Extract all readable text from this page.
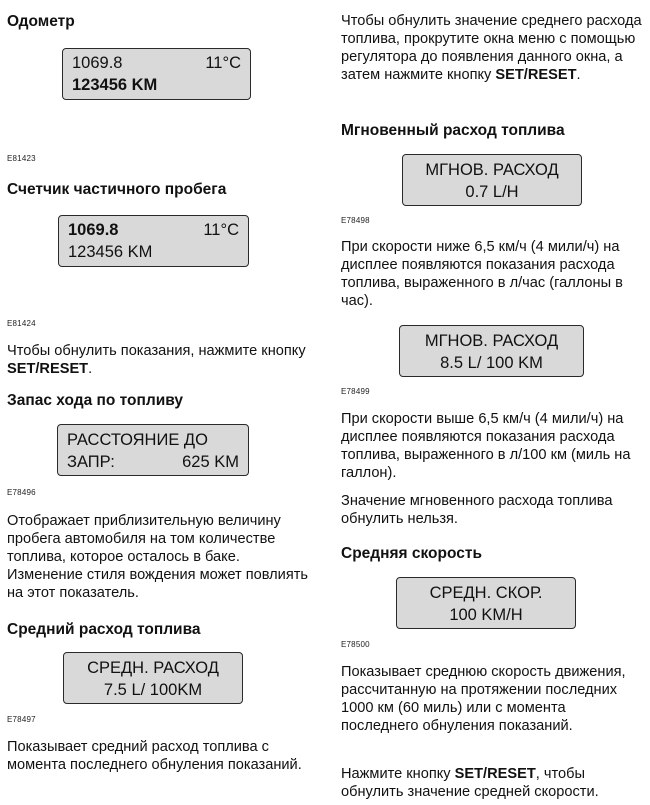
Одометр
1069.8	11°C
123456 KM
E81423
Счетчик частичного пробега
1069.8	11°C
123456 KM
E81424
Чтобы обнулить показания, нажмите кнопку SET/RESET.
Запас хода по топливу
РАССТОЯНИЕ ДО
ЗАПР:	625 KM
E78496
Отображает приблизительную величину пробега автомобиля на том количестве топлива, которое осталось в баке. Изменение стиля вождения может повлиять на этот показатель.
Средний расход топлива
СРЕДН. РАСХОД
7.5 L/ 100KM
E78497
Показывает средний расход топлива с момента последнего обнуления показаний.
Чтобы обнулить значение среднего расхода топлива, прокрутите окна меню с помощью регулятора до появления данного окна, а затем нажмите кнопку SET/RESET.
Мгновенный расход топлива
МГНОВ. РАСХОД
0.7 L/H
E78498
При скорости ниже 6,5 км/ч (4 мили/ч) на дисплее появляются показания расхода топлива, выраженного в л/час (галлоны в час).
МГНОВ. РАСХОД
8.5 L/ 100 KM
E78499
При скорости выше 6,5 км/ч (4 мили/ч) на дисплее появляются показания расхода топлива, выраженного в л/100 км (миль на галлон).
Значение мгновенного расхода топлива обнулить нельзя.
Средняя скорость
СРЕДН. СКОР.
100 KM/H
E78500
Показывает среднюю скорость движения, рассчитанную на протяжении последних 1000 км (60 миль) или с момента последнего обнуления показаний.
Нажмите кнопку SET/RESET, чтобы обнулить значение средней скорости.
